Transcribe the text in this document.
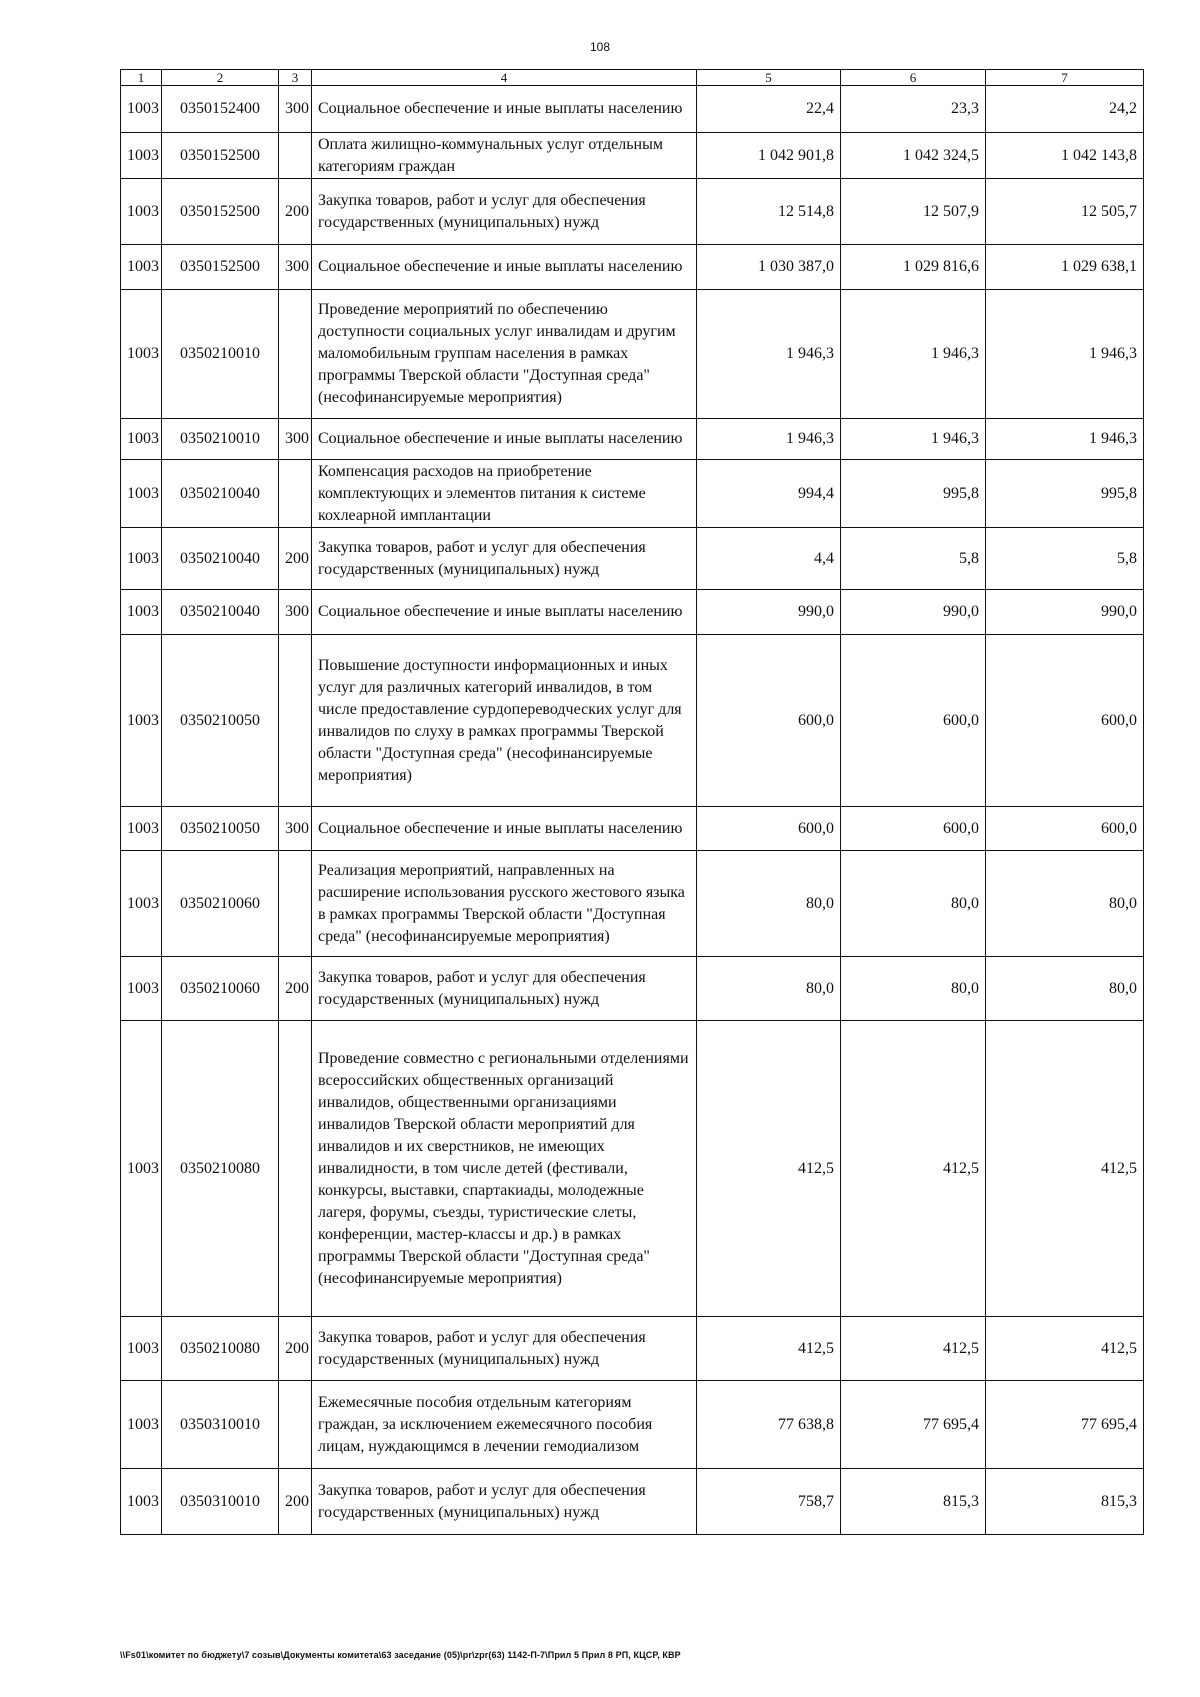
108
1	2	3	4	5	6	7
1003	0350152400	300	Социальное обеспечение и иные выплаты населению	22,4	23,3	24,2
1003	0350152500		Оплата жилищно-коммунальных услуг отдельным категориям граждан	1 042 901,8	1 042 324,5	1 042 143,8
1003	0350152500	200	Закупка товаров, работ и услуг для обеспечения государственных (муниципальных) нужд	12 514,8	12 507,9	12 505,7
1003	0350152500	300	Социальное обеспечение и иные выплаты населению	1 030 387,0	1 029 816,6	1 029 638,1
1003	0350210010		Проведение мероприятий по обеспечению доступности социальных услуг инвалидам и другим маломобильным группам населения в рамках программы Тверской области "Доступная среда" (несофинансируемые мероприятия)	1 946,3	1 946,3	1 946,3
1003	0350210010	300	Социальное обеспечение и иные выплаты населению	1 946,3	1 946,3	1 946,3
1003	0350210040		Компенсация расходов на приобретение комплектующих и элементов питания к системе кохлеарной имплантации	994,4	995,8	995,8
1003	0350210040	200	Закупка товаров, работ и услуг для обеспечения государственных (муниципальных) нужд	4,4	5,8	5,8
1003	0350210040	300	Социальное обеспечение и иные выплаты населению	990,0	990,0	990,0
1003	0350210050		Повышение доступности информационных и иных услуг для различных категорий инвалидов, в том числе предоставление сурдопереводческих услуг для инвалидов по слуху в рамках программы Тверской области "Доступная среда" (несофинансируемые мероприятия)	600,0	600,0	600,0
1003	0350210050	300	Социальное обеспечение и иные выплаты населению	600,0	600,0	600,0
1003	0350210060		Реализация мероприятий, направленных на расширение использования русского жестового языка в рамках программы Тверской области "Доступная среда" (несофинансируемые мероприятия)	80,0	80,0	80,0
1003	0350210060	200	Закупка товаров, работ и услуг для обеспечения государственных (муниципальных) нужд	80,0	80,0	80,0
1003	0350210080		Проведение совместно с региональными отделениями всероссийских общественных организаций инвалидов, общественными организациями инвалидов Тверской области мероприятий для инвалидов и их сверстников, не имеющих инвалидности, в том числе детей (фестивали, конкурсы, выставки, спартакиады, молодежные лагеря, форумы, съезды, туристические слеты, конференции, мастер-классы и др.) в рамках программы Тверской области "Доступная среда" (несофинансируемые мероприятия)	412,5	412,5	412,5
1003	0350210080	200	Закупка товаров, работ и услуг для обеспечения государственных (муниципальных) нужд	412,5	412,5	412,5
1003	0350310010		Ежемесячные пособия отдельным категориям граждан, за исключением ежемесячного пособия лицам, нуждающимся в лечении гемодиализом	77 638,8	77 695,4	77 695,4
1003	0350310010	200	Закупка товаров, работ и услуг для обеспечения государственных (муниципальных) нужд	758,7	815,3	815,3
\\Fs01\комитет по бюджету\7 созыв\Документы комитета\63 заседание (05)\pr\zpr(63) 1142-П-7\Прил 5 Прил 8 РП, КЦСР, КВР
